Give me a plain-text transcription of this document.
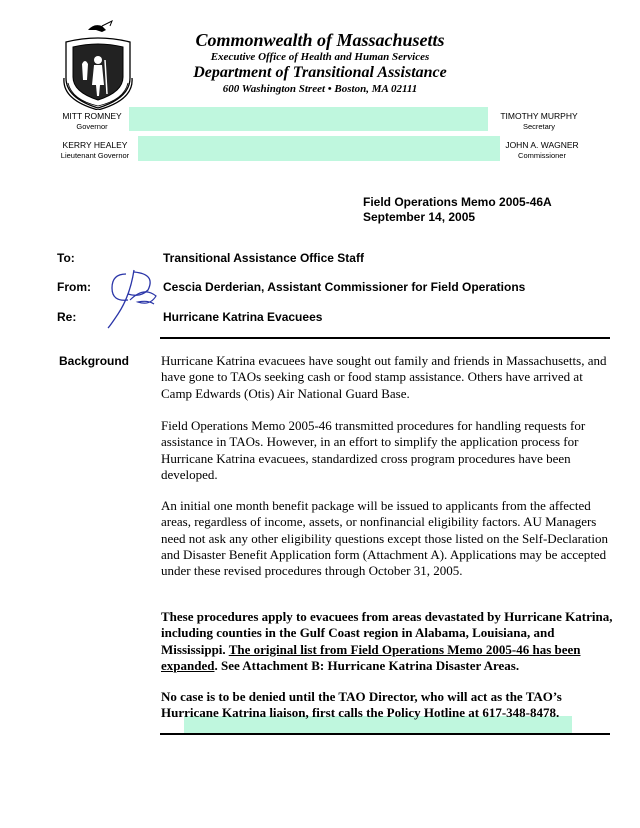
Commonwealth of Massachusetts
Executive Office of Health and Human Services
Department of Transitional Assistance
600 Washington Street • Boston, MA 02111
MITT ROMNEY
Governor
KERRY HEALEY
Lieutenant Governor
TIMOTHY MURPHY
Secretary
JOHN A. WAGNER
Commissioner
Field Operations Memo 2005-46A
September 14, 2005
To:	Transitional Assistance Office Staff
From:	Cescia Derderian, Assistant Commissioner for Field Operations
Re:	Hurricane Katrina Evacuees
Background Hurricane Katrina evacuees have sought out family and friends in Massachusetts, and have gone to TAOs seeking cash or food stamp assistance. Others have arrived at Camp Edwards (Otis) Air National Guard Base.

Field Operations Memo 2005-46 transmitted procedures for handling requests for assistance in TAOs. However, in an effort to simplify the application process for Hurricane Katrina evacuees, standardized cross program procedures have been developed.

An initial one month benefit package will be issued to applicants from the affected areas, regardless of income, assets, or nonfinancial eligibility factors. AU Managers need not ask any other eligibility questions except those listed on the Self-Declaration and Disaster Benefit Application form (Attachment A). Applications may be accepted under these revised procedures through October 31, 2005.

These procedures apply to evacuees from areas devastated by Hurricane Katrina, including counties in the Gulf Coast region in Alabama, Louisiana, and Mississippi. The original list from Field Operations Memo 2005-46 has been expanded. See Attachment B: Hurricane Katrina Disaster Areas.

No case is to be denied until the TAO Director, who will act as the TAO’s Hurricane Katrina liaison, first calls the Policy Hotline at 617-348-8478.
